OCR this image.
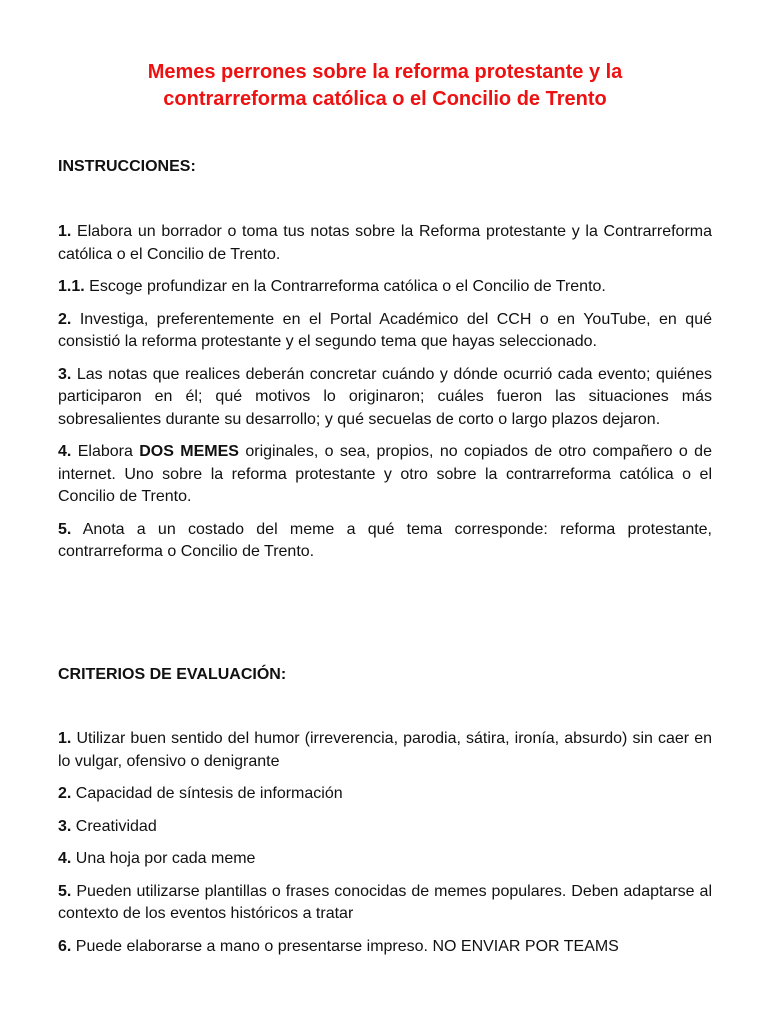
Memes perrones sobre la reforma protestante y la
contrarreforma católica o el Concilio de Trento
INSTRUCCIONES:
1. Elabora un borrador o toma tus notas sobre la Reforma protestante y la Contrarreforma católica o el Concilio de Trento.
1.1. Escoge profundizar en la Contrarreforma católica o el Concilio de Trento.
2. Investiga, preferentemente en el Portal Académico del CCH o en YouTube, en qué consistió la reforma protestante y el segundo tema que hayas seleccionado.
3. Las notas que realices deberán concretar cuándo y dónde ocurrió cada evento; quiénes participaron en él; qué motivos lo originaron; cuáles fueron las situaciones más sobresalientes durante su desarrollo; y qué secuelas de corto o largo plazos dejaron.
4. Elabora DOS MEMES originales, o sea, propios, no copiados de otro compañero o de internet. Uno sobre la reforma protestante y otro sobre la contrarreforma católica o el Concilio de Trento.
5. Anota a un costado del meme a qué tema corresponde: reforma protestante, contrarreforma o Concilio de Trento.
CRITERIOS DE EVALUACIÓN:
1. Utilizar buen sentido del humor (irreverencia, parodia, sátira, ironía, absurdo) sin caer en lo vulgar, ofensivo o denigrante
2. Capacidad de síntesis de información
3. Creatividad
4. Una hoja por cada meme
5. Pueden utilizarse plantillas o frases conocidas de memes populares. Deben adaptarse al contexto de los eventos históricos a tratar
6. Puede elaborarse a mano o presentarse impreso. NO ENVIAR POR TEAMS
